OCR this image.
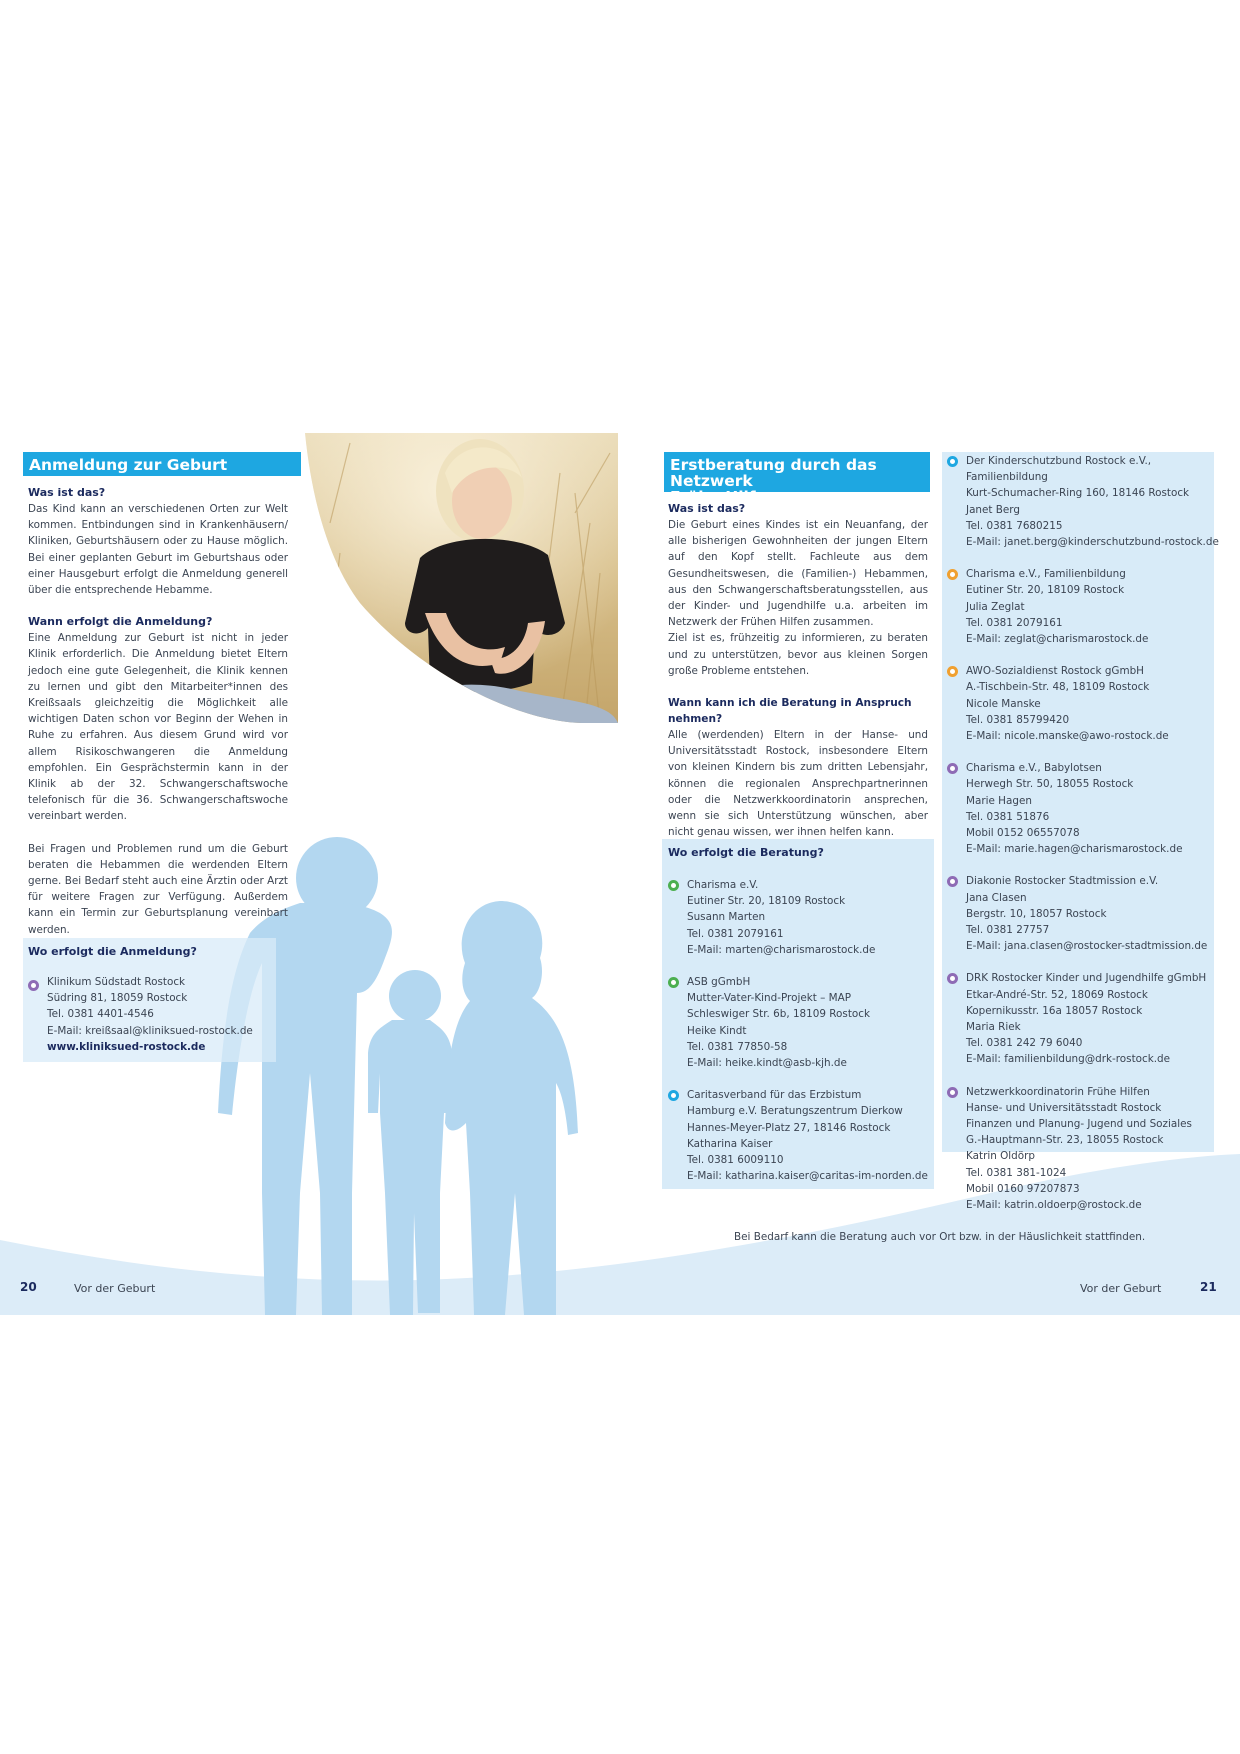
Anmeldung zur Geburt
Was ist das?
Das Kind kann an verschiedenen Orten zur Welt kommen. Entbindungen sind in Krankenhäusern/ Kliniken, Geburtshäusern oder zu Hause möglich. Bei einer geplanten Geburt im Geburtshaus oder einer Hausgeburt erfolgt die Anmeldung generell über die entsprechende Hebamme.
Wann erfolgt die Anmeldung?
Eine Anmeldung zur Geburt ist nicht in jeder Klinik erforderlich. Die Anmeldung bietet Eltern jedoch eine gute Gelegenheit, die Klinik kennen zu lernen und gibt den Mitarbeiter*innen des Kreißsaals gleichzeitig die Möglichkeit alle wichtigen Daten schon vor Beginn der Wehen in Ruhe zu erfahren. Aus diesem Grund wird vor allem Risikoschwangeren die Anmeldung empfohlen. Ein Gesprächstermin kann in der Klinik ab der 32. Schwangerschaftswoche telefonisch für die 36. Schwangerschaftswoche vereinbart werden.
Bei Fragen und Problemen rund um die Geburt beraten die Hebammen die werdenden Eltern gerne. Bei Bedarf steht auch eine Ärztin oder Arzt für weitere Fragen zur Verfügung. Außerdem kann ein Termin zur Geburtsplanung vereinbart werden.
Wo erfolgt die Anmeldung?
Klinikum Südstadt Rostock
Südring 81, 18059 Rostock
Tel. 0381 4401-4546
E-Mail: kreißsaal@kliniksued-rostock.de
www.kliniksued-rostock.de
20	Vor der Geburt
Erstberatung durch das Netzwerk
Frühe Hilfen
Was ist das?
Die Geburt eines Kindes ist ein Neuanfang, der alle bisherigen Gewohnheiten der jungen Eltern auf den Kopf stellt. Fachleute aus dem Gesundheitswesen, die (Familien-) Hebammen, aus den Schwangerschaftsberatungsstellen, aus der Kinder- und Jugendhilfe u.a. arbeiten im Netzwerk der Frühen Hilfen zusammen.
Ziel ist es, frühzeitig zu informieren, zu beraten und zu unterstützen, bevor aus kleinen Sorgen große Probleme entstehen.
Wann kann ich die Beratung in Anspruch nehmen?
Alle (werdenden) Eltern in der Hanse- und Universitätsstadt Rostock, insbesondere Eltern von kleinen Kindern bis zum dritten Lebensjahr, können die regionalen Ansprechpartnerinnen oder die Netzwerkkoordinatorin ansprechen, wenn sie sich Unterstützung wünschen, aber nicht genau wissen, wer ihnen helfen kann.
Wo erfolgt die Beratung?
Bei Bedarf kann die Beratung auch vor Ort bzw. in der Häuslichkeit stattfinden.
Vor der Geburt	21
Charisma e.V.
Eutiner Str. 20, 18109 Rostock
Susann Marten
Tel. 0381 2079161
E-Mail: marten@charismarostock.de
ASB gGmbH
Mutter-Vater-Kind-Projekt – MAP
Schleswiger Str. 6b, 18109 Rostock
Heike Kindt
Tel. 0381 77850-58
E-Mail: heike.kindt@asb-kjh.de
Caritasverband für das Erzbistum
Hamburg e.V. Beratungszentrum Dierkow
Hannes-Meyer-Platz 27, 18146 Rostock
Katharina Kaiser
Tel. 0381 6009110
E-Mail: katharina.kaiser@caritas-im-norden.de
Der Kinderschutzbund Rostock e.V.,
Familienbildung
Kurt-Schumacher-Ring 160, 18146 Rostock
Janet Berg
Tel. 0381 7680215
E-Mail: janet.berg@kinderschutzbund-rostock.de
Charisma e.V., Familienbildung
Eutiner Str. 20, 18109 Rostock
Julia Zeglat
Tel. 0381 2079161
E-Mail: zeglat@charismarostock.de
AWO-Sozialdienst Rostock gGmbH
A.-Tischbein-Str. 48, 18109 Rostock
Nicole Manske
Tel. 0381 85799420
E-Mail: nicole.manske@awo-rostock.de
Charisma e.V., Babylotsen
Herwegh Str. 50, 18055 Rostock
Marie Hagen
Tel. 0381 51876
Mobil 0152 06557078
E-Mail: marie.hagen@charismarostock.de
Diakonie Rostocker Stadtmission e.V.
Jana Clasen
Bergstr. 10, 18057 Rostock
Tel. 0381 27757
E-Mail: jana.clasen@rostocker-stadtmission.de
DRK Rostocker Kinder und Jugendhilfe gGmbH
Etkar-André-Str. 52, 18069 Rostock
Kopernikusstr. 16a 18057 Rostock
Maria Riek
Tel. 0381 242 79 6040
E-Mail: familienbildung@drk-rostock.de
Netzwerkkoordinatorin Frühe Hilfen
Hanse- und Universitätsstadt Rostock
Finanzen und Planung- Jugend und Soziales
G.-Hauptmann-Str. 23, 18055 Rostock
Katrin Oldörp
Tel. 0381 381-1024
Mobil 0160 97207873
E-Mail: katrin.oldoerp@rostock.de
